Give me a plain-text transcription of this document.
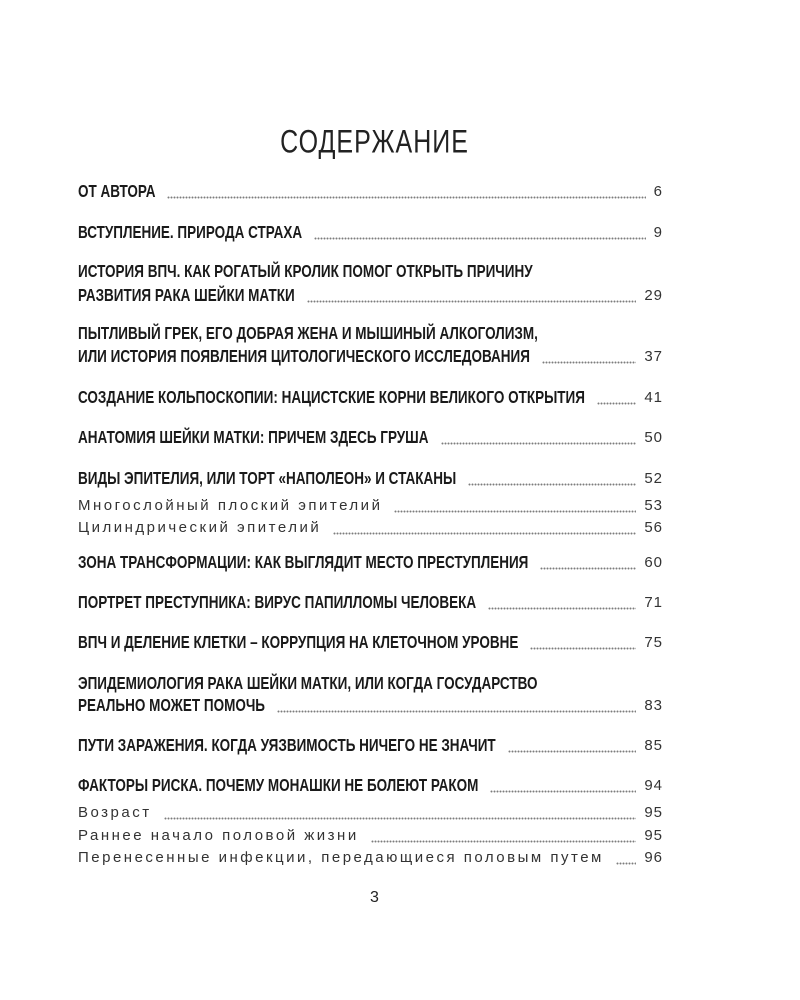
СОДЕРЖАНИЕ
ОТ АВТОРА	6
ВСТУПЛЕНИЕ. ПРИРОДА СТРАХА	9
ИСТОРИЯ ВПЧ. КАК РОГАТЫЙ КРОЛИК ПОМОГ ОТКРЫТЬ ПРИЧИНУ
РАЗВИТИЯ РАКА ШЕЙКИ МАТКИ	29
ПЫТЛИВЫЙ ГРЕК, ЕГО ДОБРАЯ ЖЕНА И МЫШИНЫЙ АЛКОГОЛИЗМ,
ИЛИ ИСТОРИЯ ПОЯВЛЕНИЯ ЦИТОЛОГИЧЕСКОГО ИССЛЕДОВАНИЯ	37
СОЗДАНИЕ КОЛЬПОСКОПИИ: НАЦИСТСКИЕ КОРНИ ВЕЛИКОГО ОТКРЫТИЯ	41
АНАТОМИЯ ШЕЙКИ МАТКИ: ПРИЧЕМ ЗДЕСЬ ГРУША	50
ВИДЫ ЭПИТЕЛИЯ, ИЛИ ТОРТ «НАПОЛЕОН» И СТАКАНЫ	52
Многослойный плоский эпителий	53
Цилиндрический эпителий	56
ЗОНА ТРАНСФОРМАЦИИ: КАК ВЫГЛЯДИТ МЕСТО ПРЕСТУПЛЕНИЯ	60
ПОРТРЕТ ПРЕСТУПНИКА: ВИРУС ПАПИЛЛОМЫ ЧЕЛОВЕКА	71
ВПЧ И ДЕЛЕНИЕ КЛЕТКИ – КОРРУПЦИЯ НА КЛЕТОЧНОМ УРОВНЕ	75
ЭПИДЕМИОЛОГИЯ РАКА ШЕЙКИ МАТКИ, ИЛИ КОГДА ГОСУДАРСТВО
РЕАЛЬНО МОЖЕТ ПОМОЧЬ	83
ПУТИ ЗАРАЖЕНИЯ. КОГДА УЯЗВИМОСТЬ НИЧЕГО НЕ ЗНАЧИТ	85
ФАКТОРЫ РИСКА. ПОЧЕМУ МОНАШКИ НЕ БОЛЕЮТ РАКОМ	94
Возраст	95
Раннее начало половой жизни	95
Перенесенные инфекции, передающиеся половым путем	96
3
